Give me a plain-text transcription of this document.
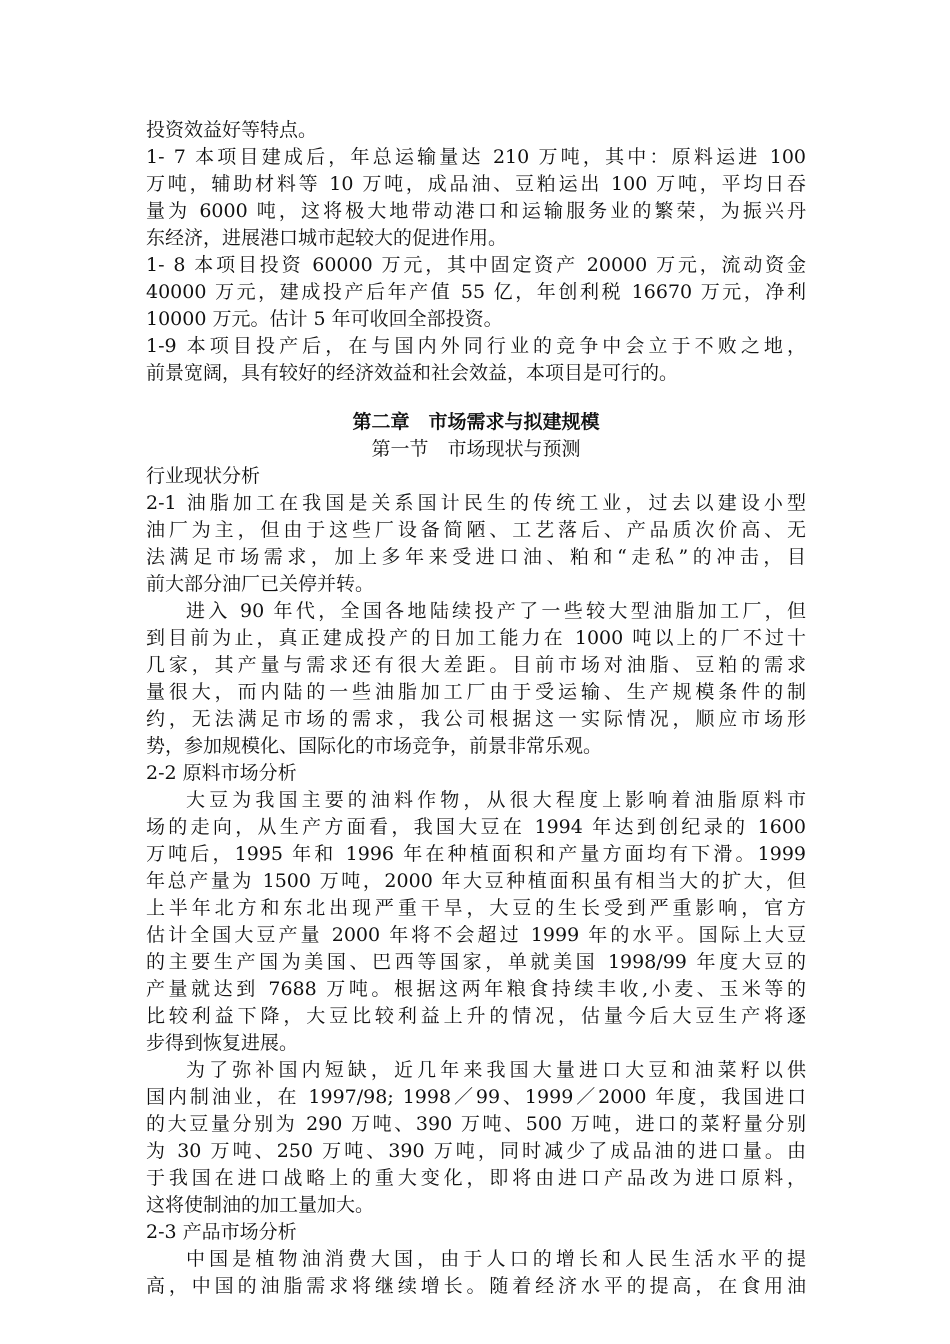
投资效益好等特点。
1- 7 本项目建成后，年总运输量达 210 万吨，其中：原料运进 100
万吨，辅助材料等 10 万吨，成品油、豆粕运出 100 万吨，平均日吞
量为 6000 吨，这将极大地带动港口和运输服务业的繁荣，为振兴丹
东经济，进展港口城市起较大的促进作用。
1- 8 本项目投资 60000 万元，其中固定资产 20000 万元，流动资金
40000 万元，建成投产后年产值 55 亿，年创利税 16670 万元，净利
10000 万元。估计 5 年可收回全部投资。
1-9 本项目投产后，在与国内外同行业的竞争中会立于不败之地，
前景宽阔，具有较好的经济效益和社会效益，本项目是可行的。
第二章　市场需求与拟建规模
第一节　市场现状与预测
行业现状分析
2-1 油脂加工在我国是关系国计民生的传统工业，过去以建设小型
油厂为主，但由于这些厂设备简陋、工艺落后、产品质次价高、无
法满足市场需求，加上多年来受进口油、粕和“走私”的冲击，目
前大部分油厂已关停并转。
进入 90 年代，全国各地陆续投产了一些较大型油脂加工厂，但
到目前为止，真正建成投产的日加工能力在 1000 吨以上的厂不过十
几家，其产量与需求还有很大差距。目前市场对油脂、豆粕的需求
量很大，而内陆的一些油脂加工厂由于受运输、生产规模条件的制
约，无法满足市场的需求，我公司根据这一实际情况，顺应市场形
势，参加规模化、国际化的市场竞争，前景非常乐观。
2-2 原料市场分析
大豆为我国主要的油料作物，从很大程度上影响着油脂原料市
场的走向，从生产方面看，我国大豆在 1994 年达到创纪录的 1600
万吨后，1995 年和 1996 年在种植面积和产量方面均有下滑。1999
年总产量为 1500 万吨，2000 年大豆种植面积虽有相当大的扩大，但
上半年北方和东北出现严重干旱，大豆的生长受到严重影响，官方
估计全国大豆产量 2000 年将不会超过 1999 年的水平。国际上大豆
的主要生产国为美国、巴西等国家，单就美国 1998/99 年度大豆的
产量就达到 7688 万吨。根据这两年粮食持续丰收,小麦、玉米等的
比较利益下降，大豆比较利益上升的情况，估量今后大豆生产将逐
步得到恢复进展。
为了弥补国内短缺，近几年来我国大量进口大豆和油菜籽以供
国内制油业，在 1997/98; 1998／99、1999／2000 年度，我国进口
的大豆量分别为 290 万吨、390 万吨、500 万吨，进口的菜籽量分别
为 30 万吨、250 万吨、390 万吨，同时减少了成品油的进口量。由
于我国在进口战略上的重大变化，即将由进口产品改为进口原料，
这将使制油的加工量加大。
2-3 产品市场分析
中国是植物油消费大国，由于人口的增长和人民生活水平的提
高，中国的油脂需求将继续增长。随着经济水平的提高，在食用油
